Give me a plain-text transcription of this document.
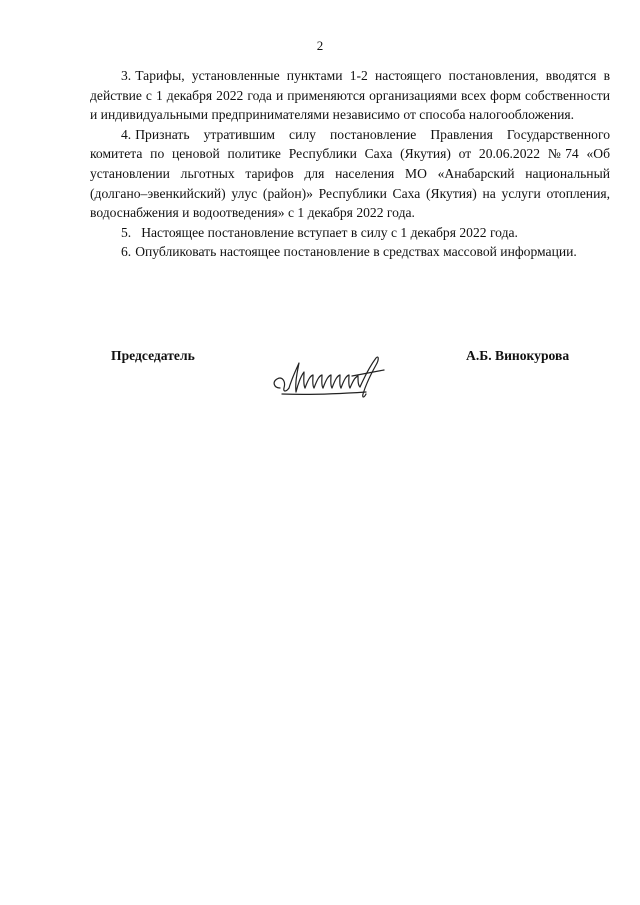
2

3. Тарифы, установленные пунктами 1-2 настоящего постановления, вводятся в действие с 1 декабря 2022 года и применяются организациями всех форм собственности и индивидуальными предпринимателями независимо от способа налогообложения.

4. Признать утратившим силу постановление Правления Государственного комитета по ценовой политике Республики Саха (Якутия) от 20.06.2022 №74 «Об установлении льготных тарифов для населения МО «Анабарский национальный (долгано–эвенкийский) улус (район)» Республики Саха (Якутия) на услуги отопления, водоснабжения и водоотведения» с 1 декабря 2022 года.

5. Настоящее постановление вступает в силу с 1 декабря 2022 года.

6. Опубликовать настоящее постановление в средствах массовой информации.

Председатель	А.Б. Винокурова
